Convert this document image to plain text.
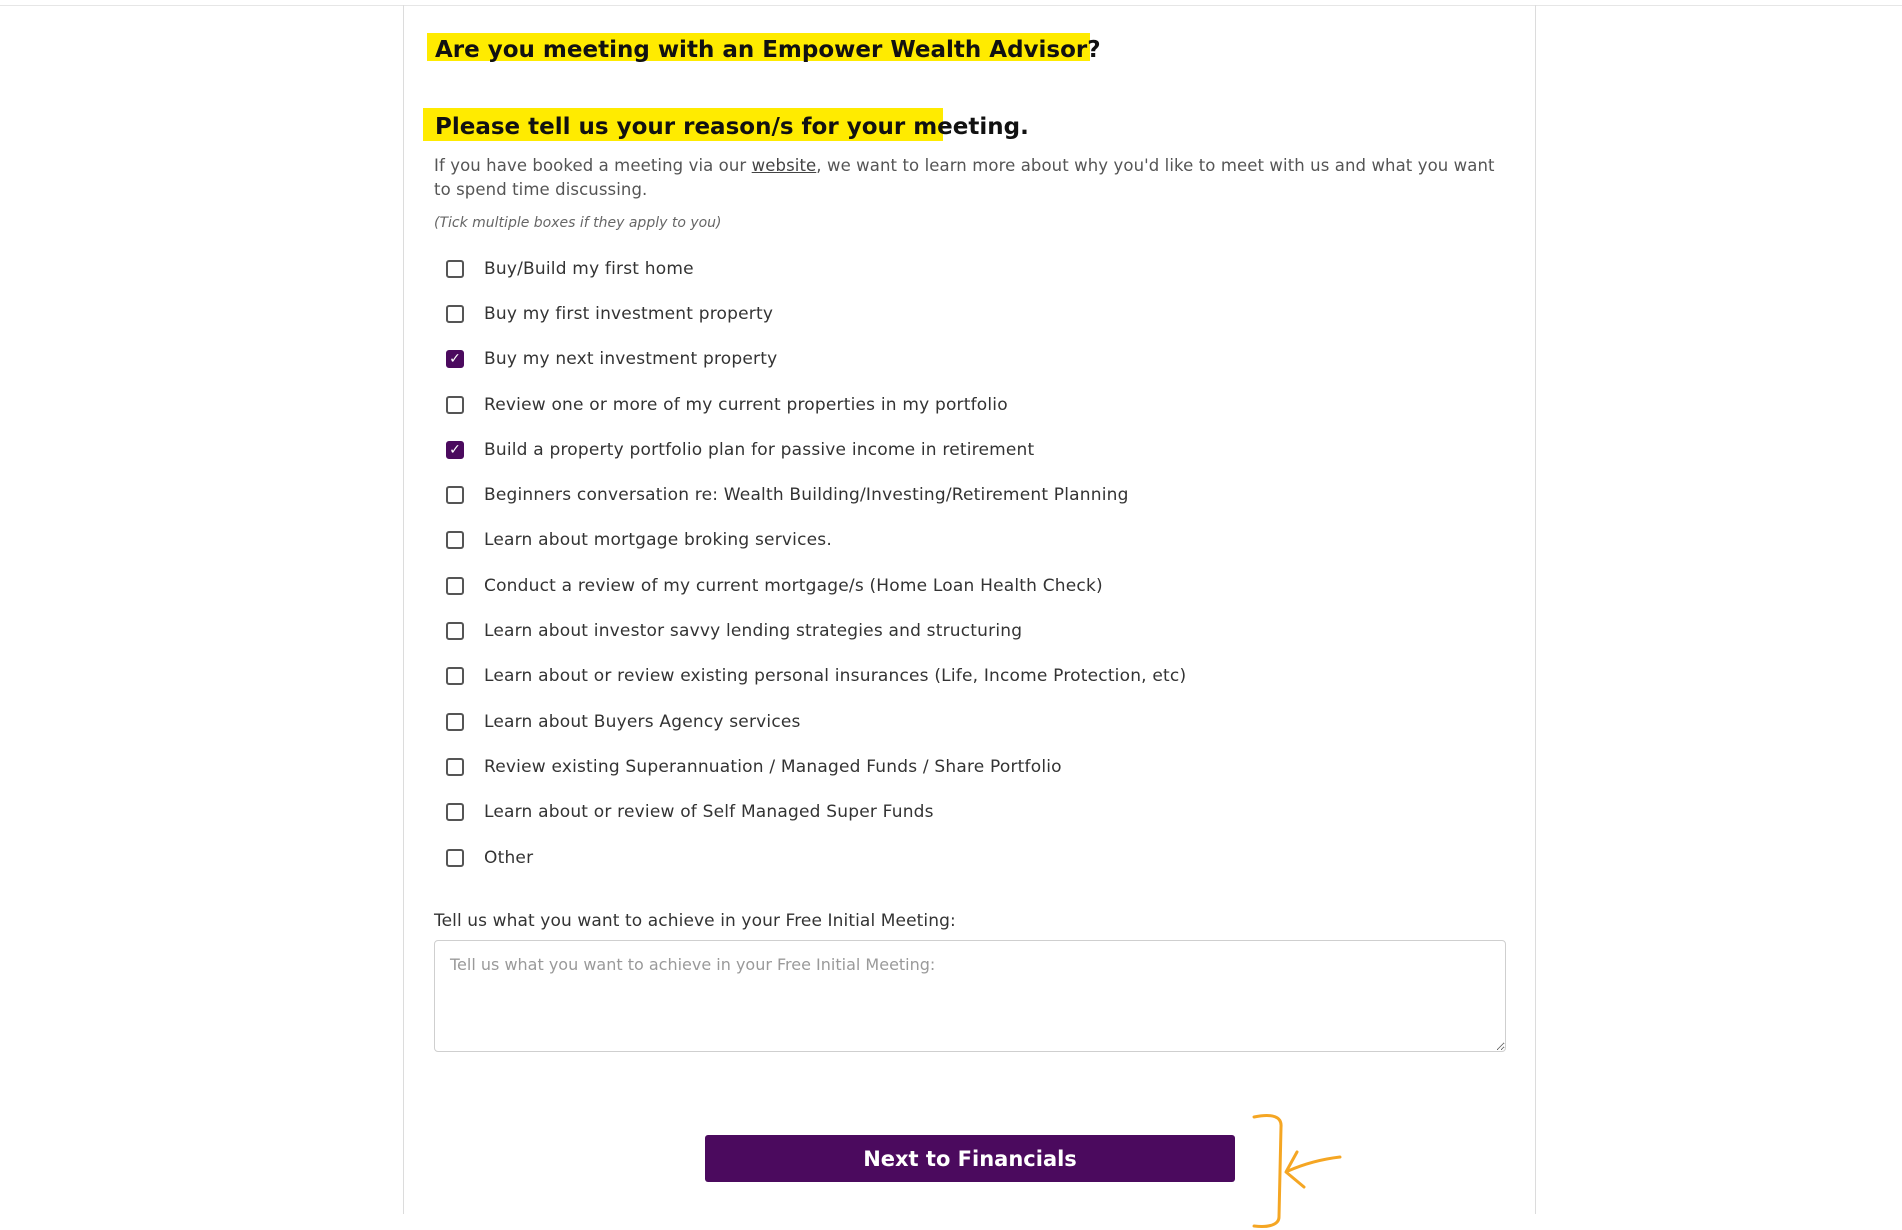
Are you meeting with an Empower Wealth Advisor?
Please tell us your reason/s for your meeting.
If you have booked a meeting via our website, we want to learn more about why you'd like to meet with us and what you want to spend time discussing.
(Tick multiple boxes if they apply to you)
Buy/Build my first home
Buy my first investment property
✓ Buy my next investment property
Review one or more of my current properties in my portfolio
✓ Build a property portfolio plan for passive income in retirement
Beginners conversation re: Wealth Building/Investing/Retirement Planning
Learn about mortgage broking services.
Conduct a review of my current mortgage/s (Home Loan Health Check)
Learn about investor savvy lending strategies and structuring
Learn about or review existing personal insurances (Life, Income Protection, etc)
Learn about Buyers Agency services
Review existing Superannuation / Managed Funds / Share Portfolio
Learn about or review of Self Managed Super Funds
Other
Tell us what you want to achieve in your Free Initial Meeting:
Tell us what you want to achieve in your Free Initial Meeting:
Next to Financials
